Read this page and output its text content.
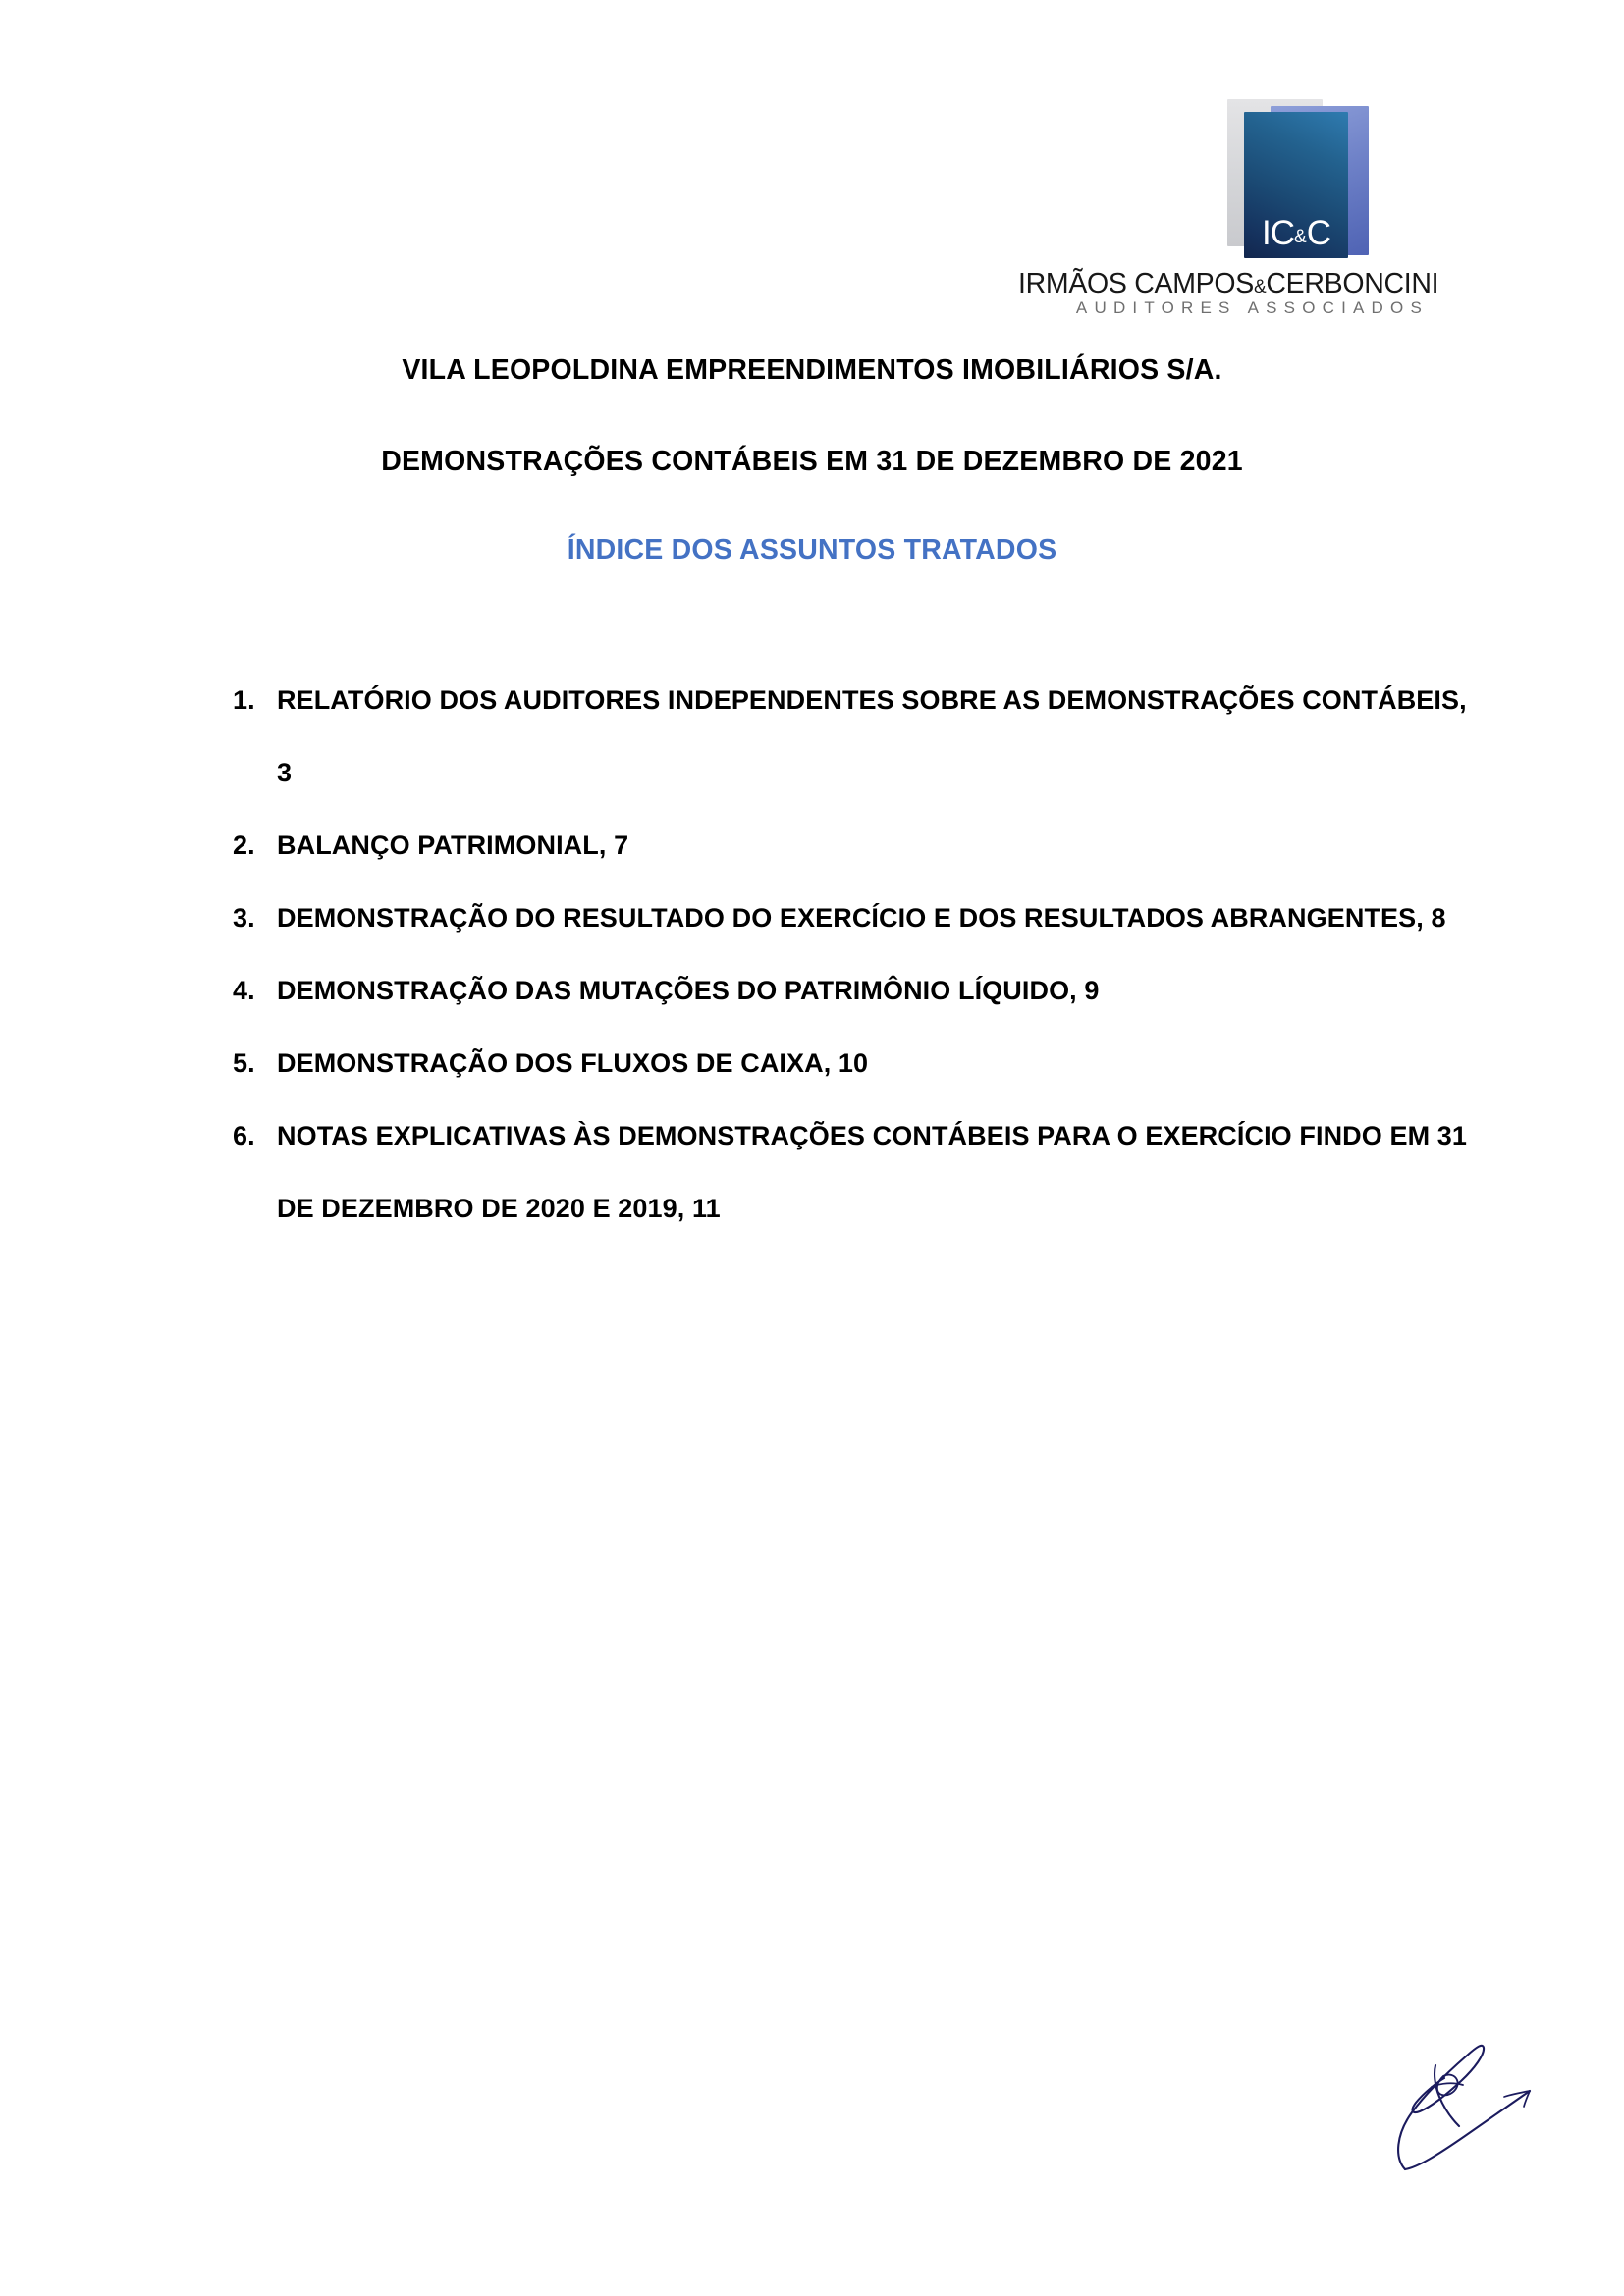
IC&C
IRMÃOS CAMPOS&CERBONCINI
AUDITORES ASSOCIADOS
VILA LEOPOLDINA EMPREENDIMENTOS IMOBILIÁRIOS S/A.
DEMONSTRAÇÕES CONTÁBEIS EM 31 DE DEZEMBRO DE 2021
ÍNDICE DOS ASSUNTOS TRATADOS
1. RELATÓRIO DOS AUDITORES INDEPENDENTES SOBRE AS DEMONSTRAÇÕES CONTÁBEIS, 3
2. BALANÇO PATRIMONIAL, 7
3. DEMONSTRAÇÃO DO RESULTADO DO EXERCÍCIO E DOS RESULTADOS ABRANGENTES, 8
4. DEMONSTRAÇÃO DAS MUTAÇÕES DO PATRIMÔNIO LÍQUIDO, 9
5. DEMONSTRAÇÃO DOS FLUXOS DE CAIXA, 10
6. NOTAS EXPLICATIVAS ÀS DEMONSTRAÇÕES CONTÁBEIS PARA O EXERCÍCIO FINDO EM 31 DE DEZEMBRO DE 2020 E 2019, 11
